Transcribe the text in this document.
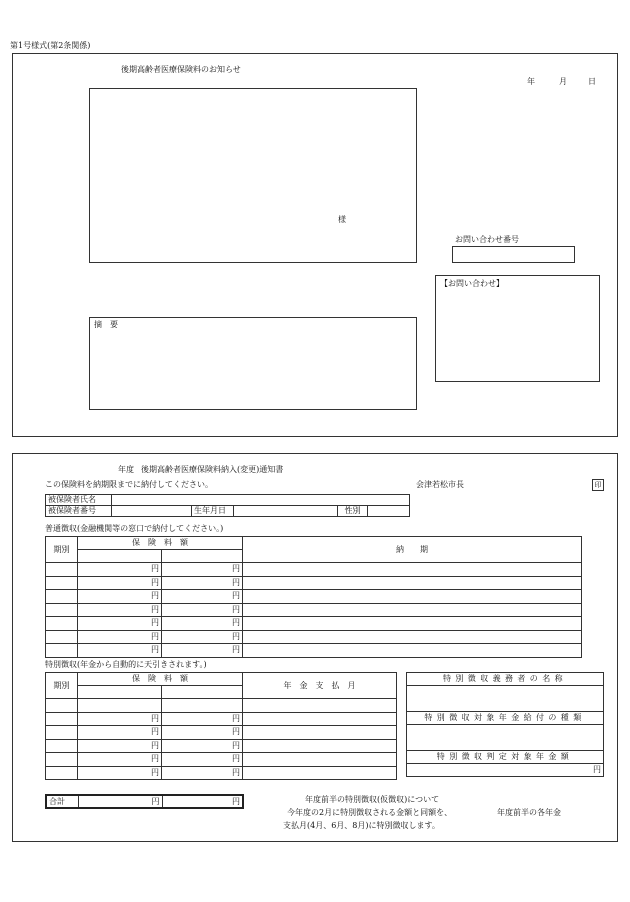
第1号様式(第2条関係)
後期高齢者医療保険料のお知らせ
年	月	日
様
お問い合わせ番号
【お問い合わせ】
摘　要
年度 後期高齢者医療保険料納入(変更)通知書
この保険料を納期限までに納付してください。	会津若松市長	印
被保険者氏名					
被保険者番号		生年月日		性別	
普通徴収(金融機関等の窓口で納付してください。)
期別	保　険　料　額		納　　期

	円	円	
	円	円	
	円	円	
	円	円	
	円	円	
	円	円	
	円	円	
特別徴収(年金から自動的に天引きされます。)
期別	保　険　料　額		年　金　支　払　月

	円	円	
	円	円	
	円	円	
	円	円	
	円	円	
特別徴収義務者の名称

特別徴収対象年金給付の種類

特別徴収判定対象年金額
円
合計	円	円	年度前半の特別徴収(仮徴収)について
今年度の2月に特別徴収される金額と同額を、	年度前半の各年金
支払月(4月、6月、8月)に特別徴収します。
